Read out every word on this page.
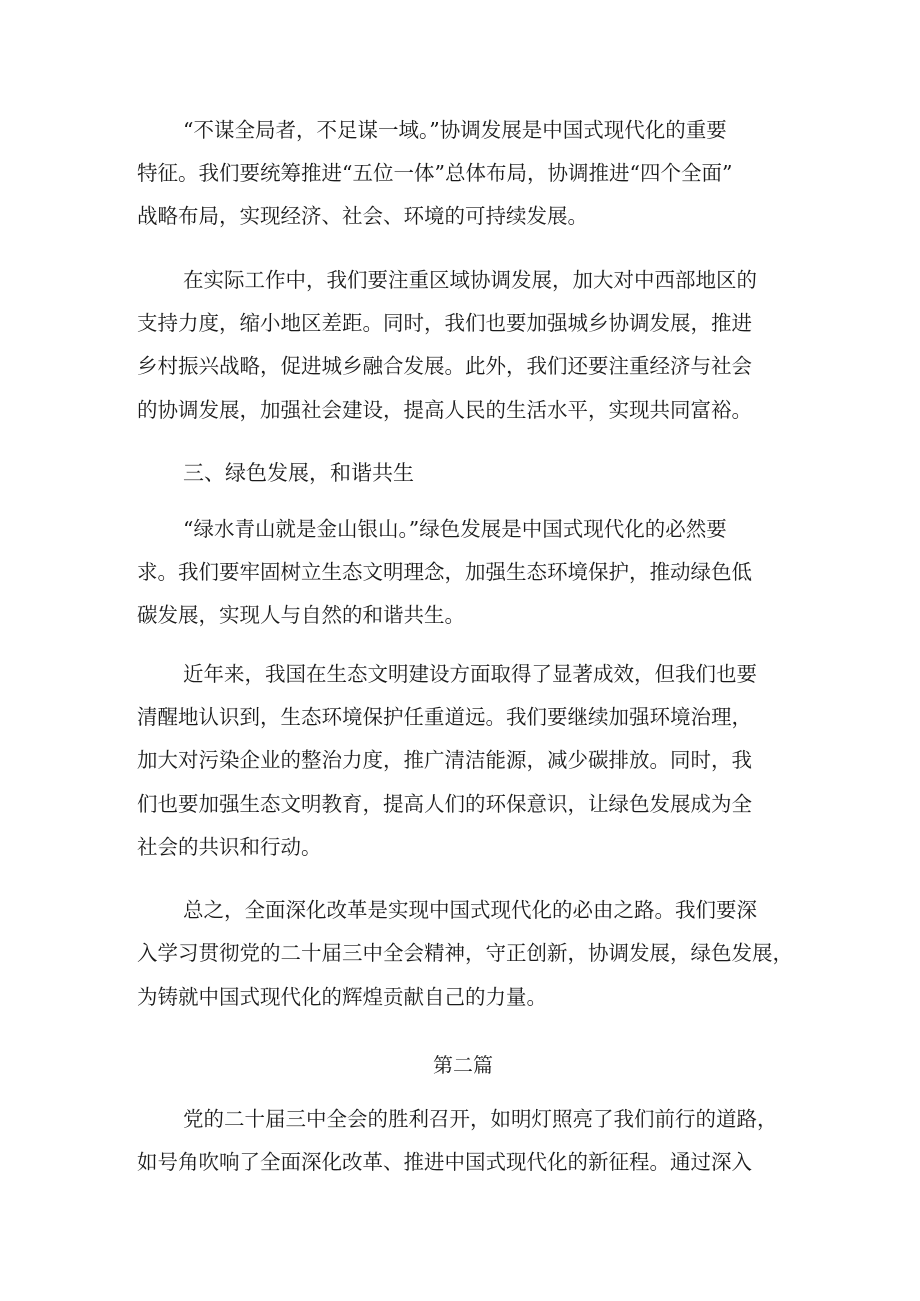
“不谋全局者，不足谋一域。”协调发展是中国式现代化的重要

特征。我们要统筹推进“五位一体”总体布局，协调推进“四个全面”

战略布局，实现经济、社会、环境的可持续发展。

在实际工作中，我们要注重区域协调发展，加大对中西部地区的

支持力度，缩小地区差距。同时，我们也要加强城乡协调发展，推进

乡村振兴战略，促进城乡融合发展。此外，我们还要注重经济与社会

的协调发展，加强社会建设，提高人民的生活水平，实现共同富裕。

三、绿色发展，和谐共生

“绿水青山就是金山银山。”绿色发展是中国式现代化的必然要

求。我们要牢固树立生态文明理念，加强生态环境保护，推动绿色低

碳发展，实现人与自然的和谐共生。

近年来，我国在生态文明建设方面取得了显著成效，但我们也要

清醒地认识到，生态环境保护任重道远。我们要继续加强环境治理，

加大对污染企业的整治力度，推广清洁能源，减少碳排放。同时，我

们也要加强生态文明教育，提高人们的环保意识，让绿色发展成为全

社会的共识和行动。

总之，全面深化改革是实现中国式现代化的必由之路。我们要深

入学习贯彻党的二十届三中全会精神，守正创新，协调发展，绿色发展，

为铸就中国式现代化的辉煌贡献自己的力量。

第二篇

党的二十届三中全会的胜利召开，如明灯照亮了我们前行的道路，

如号角吹响了全面深化改革、推进中国式现代化的新征程。通过深入
